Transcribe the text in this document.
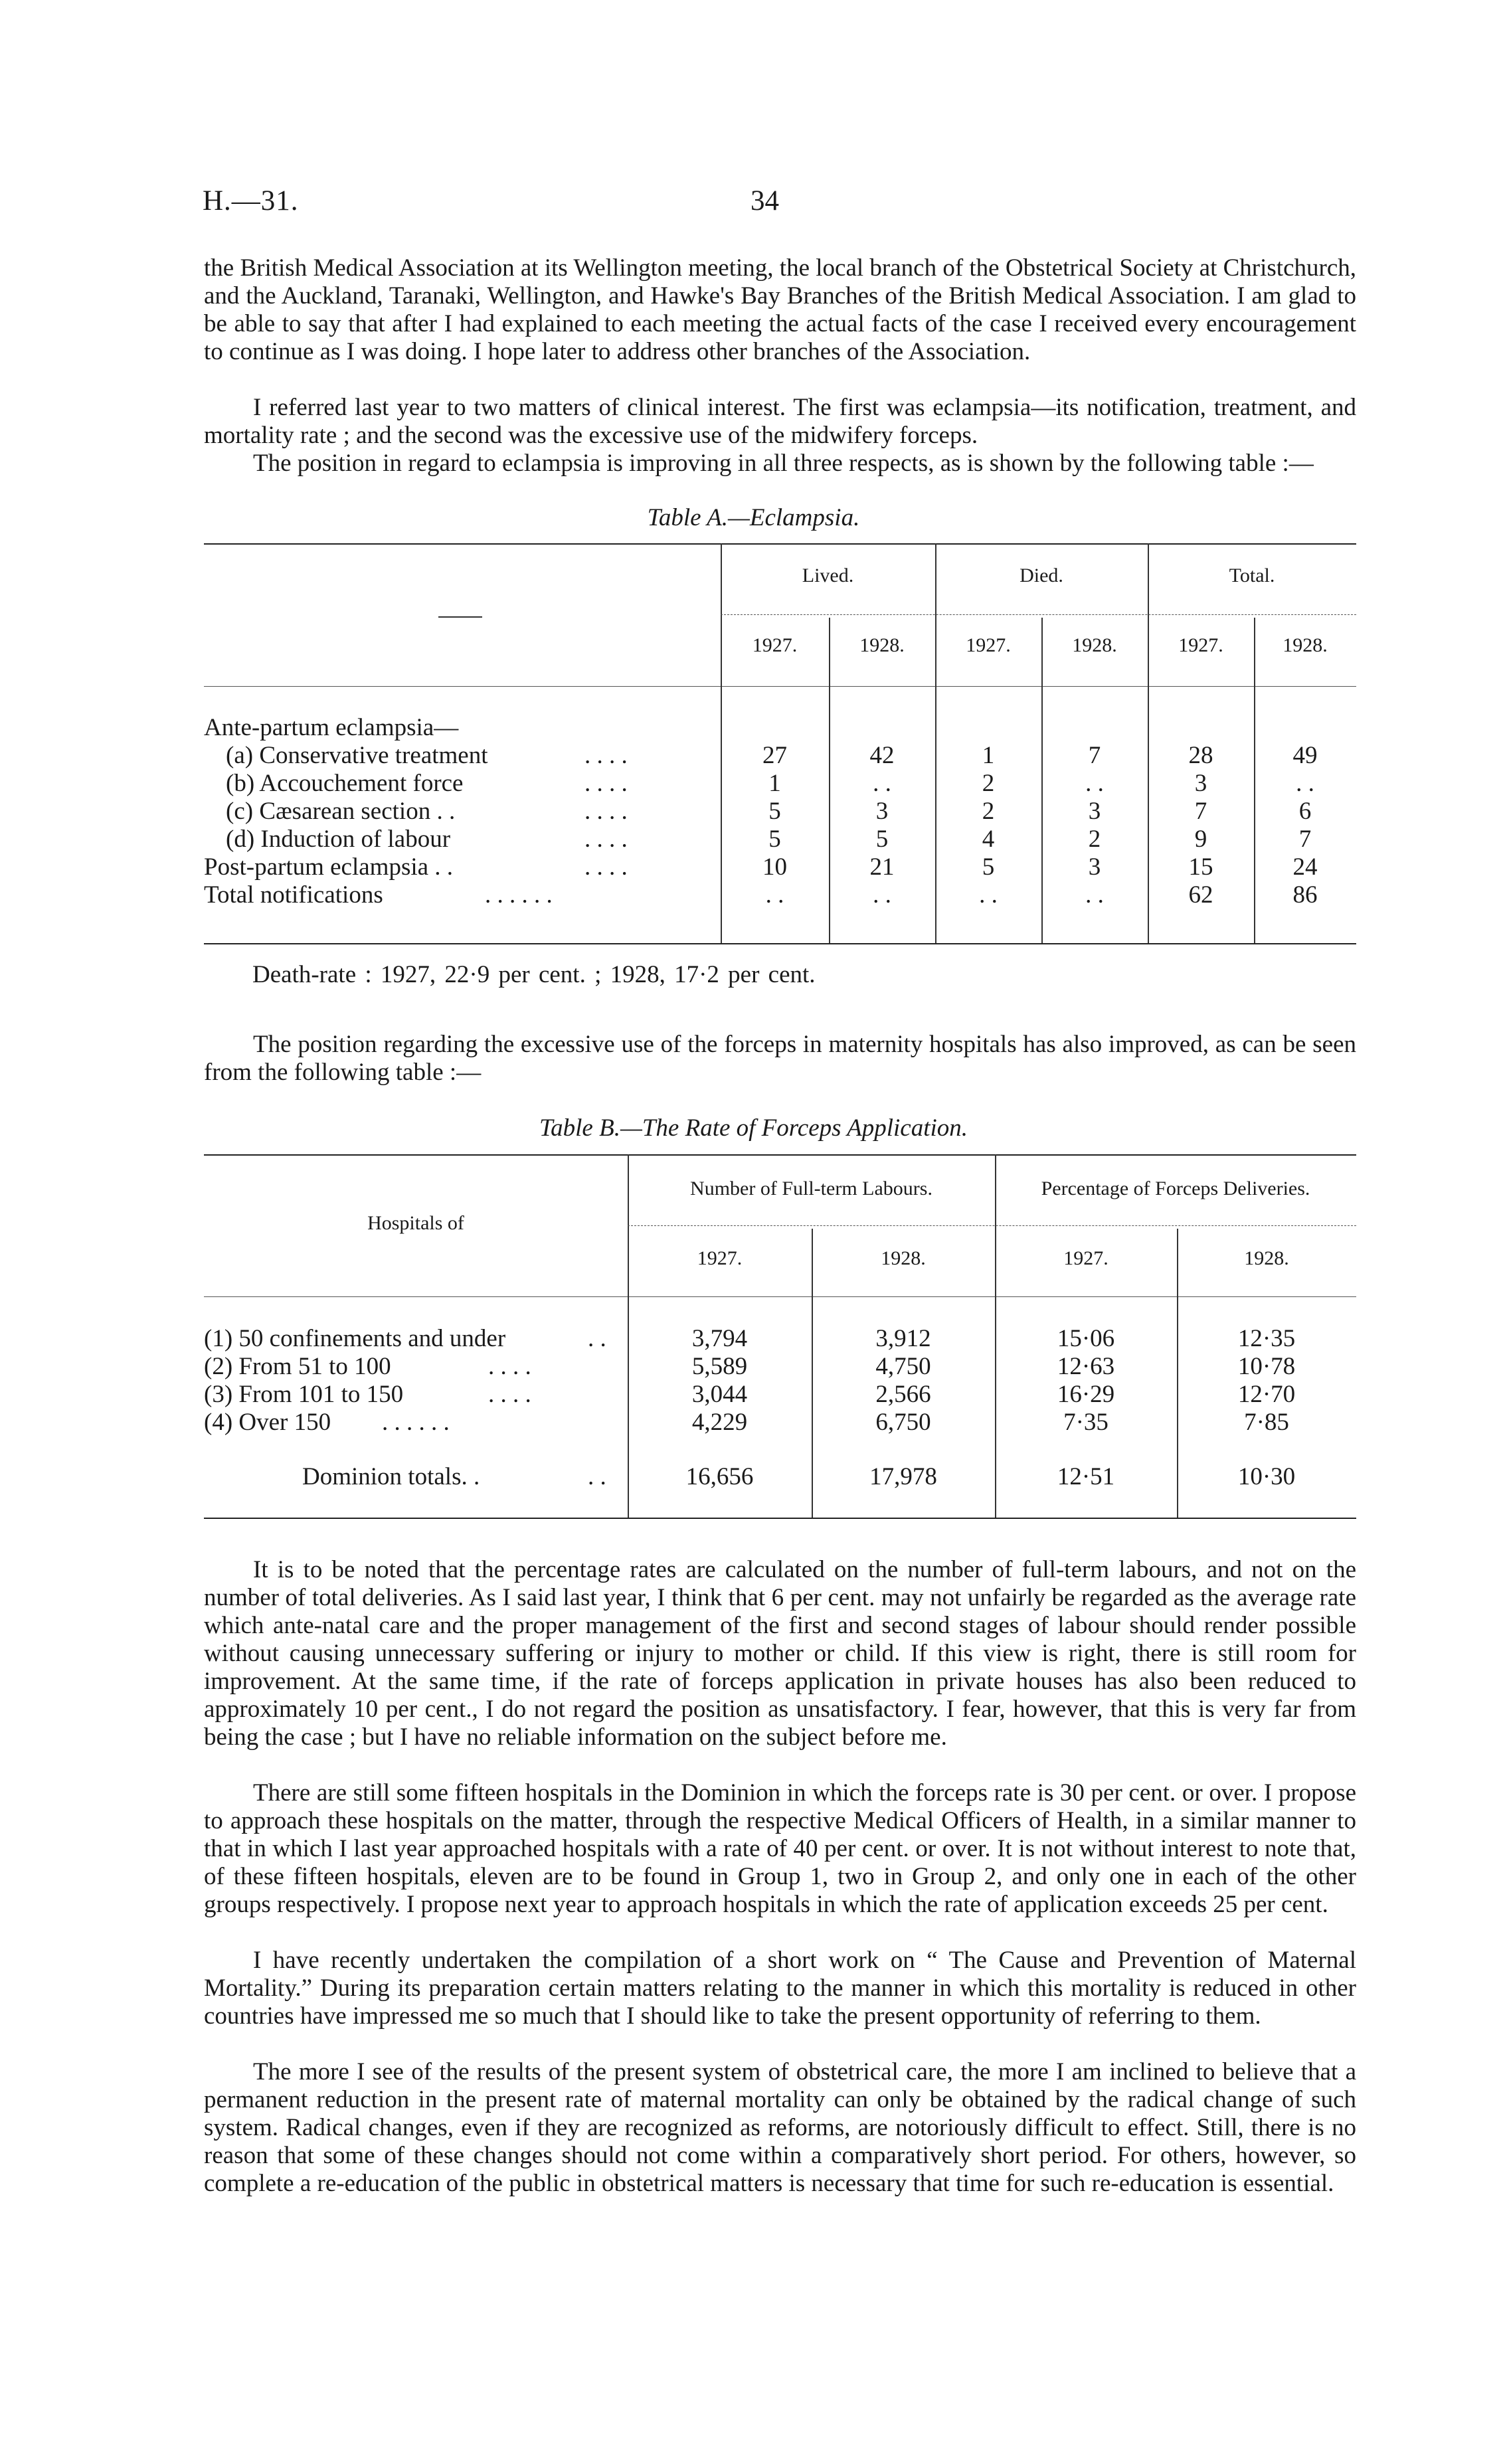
H.—31.	34

the British Medical Association at its Wellington meeting, the local branch of the Obstetrical Society at Christchurch, and the Auckland, Taranaki, Wellington, and Hawke's Bay Branches of the British Medical Association. I am glad to be able to say that after I had explained to each meeting the actual facts of the case I received every encouragement to continue as I was doing. I hope later to address other branches of the Association.

I referred last year to two matters of clinical interest. The first was eclampsia—its notification, treatment, and mortality rate ; and the second was the excessive use of the midwifery forceps.

The position in regard to eclampsia is improving in all three respects, as is shown by the following table :—

Table A.—Eclampsia.
Lived.	Died.	Total.
1927.	1928.	1927.	1928.	1927.	1928.
Ante-partum eclampsia—
(a) Conservative treatment	. . . .	27	42	1	7	28	49
(b) Accouchement force	. . . .	1	. .	2	. .	3	. .
(c) Cæsarean section . .	. . . .	5	3	2	3	7	6
(d) Induction of labour	. . . .	5	5	4	2	9	7
Post-partum eclampsia . .	. . . .	10	21	5	3	15	24
Total notifications	. . . . . .	. .	. .	. .	. .	62	86
Death-rate : 1927, 22·9 per cent. ; 1928, 17·2 per cent.

The position regarding the excessive use of the forceps in maternity hospitals has also improved, as can be seen from the following table :—

Table B.—The Rate of Forceps Application.
Hospitals of
Number of Full-term Labours.	Percentage of Forceps Deliveries.
1927.	1928.	1927.	1928.
(1) 50 confinements and under	. .	3,794	3,912	15·06	12·35
(2) From 51 to 100	. . . .	5,589	4,750	12·63	10·78
(3) From 101 to 150	. . . .	3,044	2,566	16·29	12·70
(4) Over 150 . . . . . .	4,229	6,750	7·35	7·85
Dominion totals. .	. .	16,656	17,978	12·51	10·30

It is to be noted that the percentage rates are calculated on the number of full-term labours, and not on the number of total deliveries. As I said last year, I think that 6 per cent. may not unfairly be regarded as the average rate which ante-natal care and the proper management of the first and second stages of labour should render possible without causing unnecessary suffering or injury to mother or child. If this view is right, there is still room for improvement. At the same time, if the rate of forceps application in private houses has also been reduced to approximately 10 per cent., I do not regard the position as unsatisfactory. I fear, however, that this is very far from being the case ; but I have no reliable information on the subject before me.

There are still some fifteen hospitals in the Dominion in which the forceps rate is 30 per cent. or over. I propose to approach these hospitals on the matter, through the respective Medical Officers of Health, in a similar manner to that in which I last year approached hospitals with a rate of 40 per cent. or over. It is not without interest to note that, of these fifteen hospitals, eleven are to be found in Group 1, two in Group 2, and only one in each of the other groups respectively. I propose next year to approach hospitals in which the rate of application exceeds 25 per cent.

I have recently undertaken the compilation of a short work on “ The Cause and Prevention of Maternal Mortality.” During its preparation certain matters relating to the manner in which this mortality is reduced in other countries have impressed me so much that I should like to take the present opportunity of referring to them.

The more I see of the results of the present system of obstetrical care, the more I am inclined to believe that a permanent reduction in the present rate of maternal mortality can only be obtained by the radical change of such system. Radical changes, even if they are recognized as reforms, are notoriously difficult to effect. Still, there is no reason that some of these changes should not come within a comparatively short period. For others, however, so complete a re-education of the public in obstetrical matters is necessary that time for such re-education is essential.
